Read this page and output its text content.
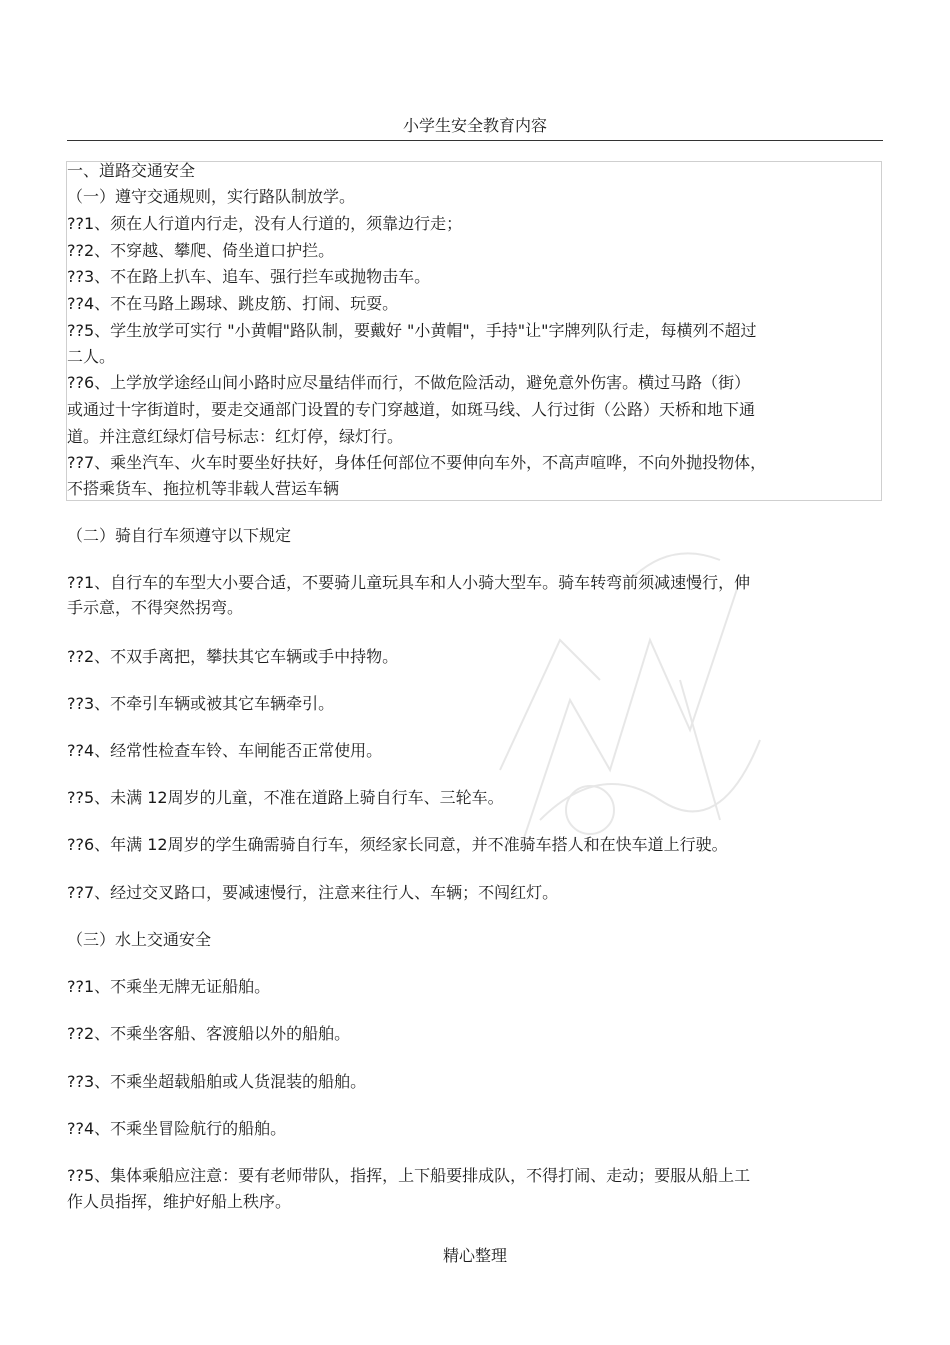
小学生安全教育内容
一、道路交通安全
（一）遵守交通规则，实行路队制放学。
??1、须在人行道内行走，没有人行道的，须靠边行走；
??2、不穿越、攀爬、倚坐道口护拦。
??3、不在路上扒车、追车、强行拦车或抛物击车。
??4、不在马路上踢球、跳皮筋、打闹、玩耍。
??5、学生放学可实行 "小黄帽"路队制，要戴好 "小黄帽"，手持"让"字牌列队行走，每横列不超过
二人。
??6、上学放学途经山间小路时应尽量结伴而行，不做危险活动，避免意外伤害。横过马路（街）
或通过十字街道时，要走交通部门设置的专门穿越道，如斑马线、人行过街（公路）天桥和地下通
道。并注意红绿灯信号标志：红灯停，绿灯行。
??7、乘坐汽车、火车时要坐好扶好，身体任何部位不要伸向车外，不高声喧哗，不向外抛投物体，
不搭乘货车、拖拉机等非载人营运车辆
（二）骑自行车须遵守以下规定
??1、自行车的车型大小要合适，不要骑儿童玩具车和人小骑大型车。骑车转弯前须减速慢行，伸
手示意，不得突然拐弯。
??2、不双手离把，攀扶其它车辆或手中持物。
??3、不牵引车辆或被其它车辆牵引。
??4、经常性检查车铃、车闸能否正常使用。
??5、未满 12周岁的儿童，不准在道路上骑自行车、三轮车。
??6、年满 12周岁的学生确需骑自行车，须经家长同意，并不准骑车搭人和在快车道上行驶。
??7、经过交叉路口，要减速慢行，注意来往行人、车辆；不闯红灯。
（三）水上交通安全
??1、不乘坐无牌无证船舶。
??2、不乘坐客船、客渡船以外的船舶。
??3、不乘坐超载船舶或人货混装的船舶。
??4、不乘坐冒险航行的船舶。
??5、集体乘船应注意：要有老师带队，指挥，上下船要排成队，不得打闹、走动；要服从船上工
作人员指挥，维护好船上秩序。
精心整理
